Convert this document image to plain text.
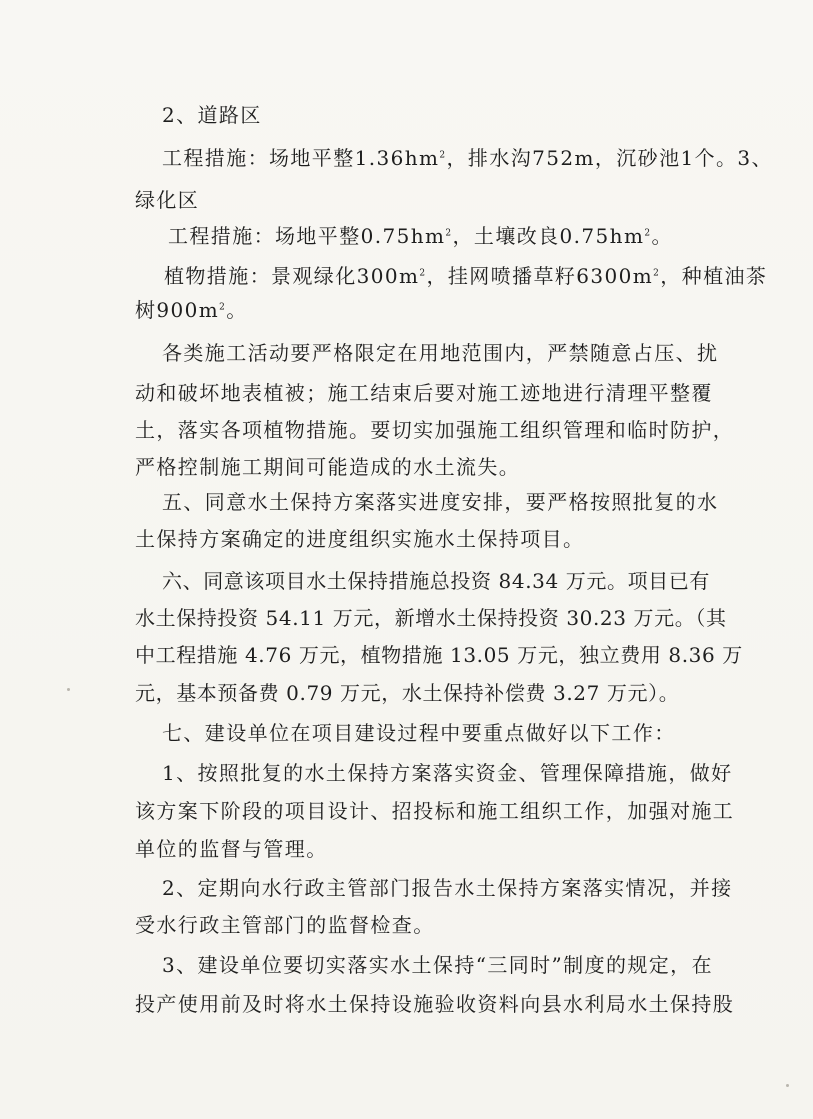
2、道路区
工程措施：场地平整$1.36hm^2$，排水沟752m，沉砂池1个。3、
绿化区
工程措施：场地平整$0.75hm^2$，土壤改良$0.75hm^2$。
植物措施：景观绿化$300m^2$，挂网喷播草籽$6300m^2$，种植油茶
树$900m^2$。
各类施工活动要严格限定在用地范围内，严禁随意占压、扰
动和破坏地表植被；施工结束后要对施工迹地进行清理平整覆
土，落实各项植物措施。要切实加强施工组织管理和临时防护，
严格控制施工期间可能造成的水土流失。
五、同意水土保持方案落实进度安排，要严格按照批复的水
土保持方案确定的进度组织实施水土保持项目。
六、同意该项目水土保持措施总投资 84.34 万元。项目已有
水土保持投资 54.11 万元，新增水土保持投资 30.23 万元。（其
中工程措施 4.76 万元，植物措施 13.05 万元，独立费用 8.36 万
元，基本预备费 0.79 万元，水土保持补偿费 3.27 万元）。
七、建设单位在项目建设过程中要重点做好以下工作：
1、按照批复的水土保持方案落实资金、管理保障措施，做好
该方案下阶段的项目设计、招投标和施工组织工作，加强对施工
单位的监督与管理。
2、定期向水行政主管部门报告水土保持方案落实情况，并接
受水行政主管部门的监督检查。
3、建设单位要切实落实水土保持“三同时”制度的规定，在
投产使用前及时将水土保持设施验收资料向县水利局水土保持股
